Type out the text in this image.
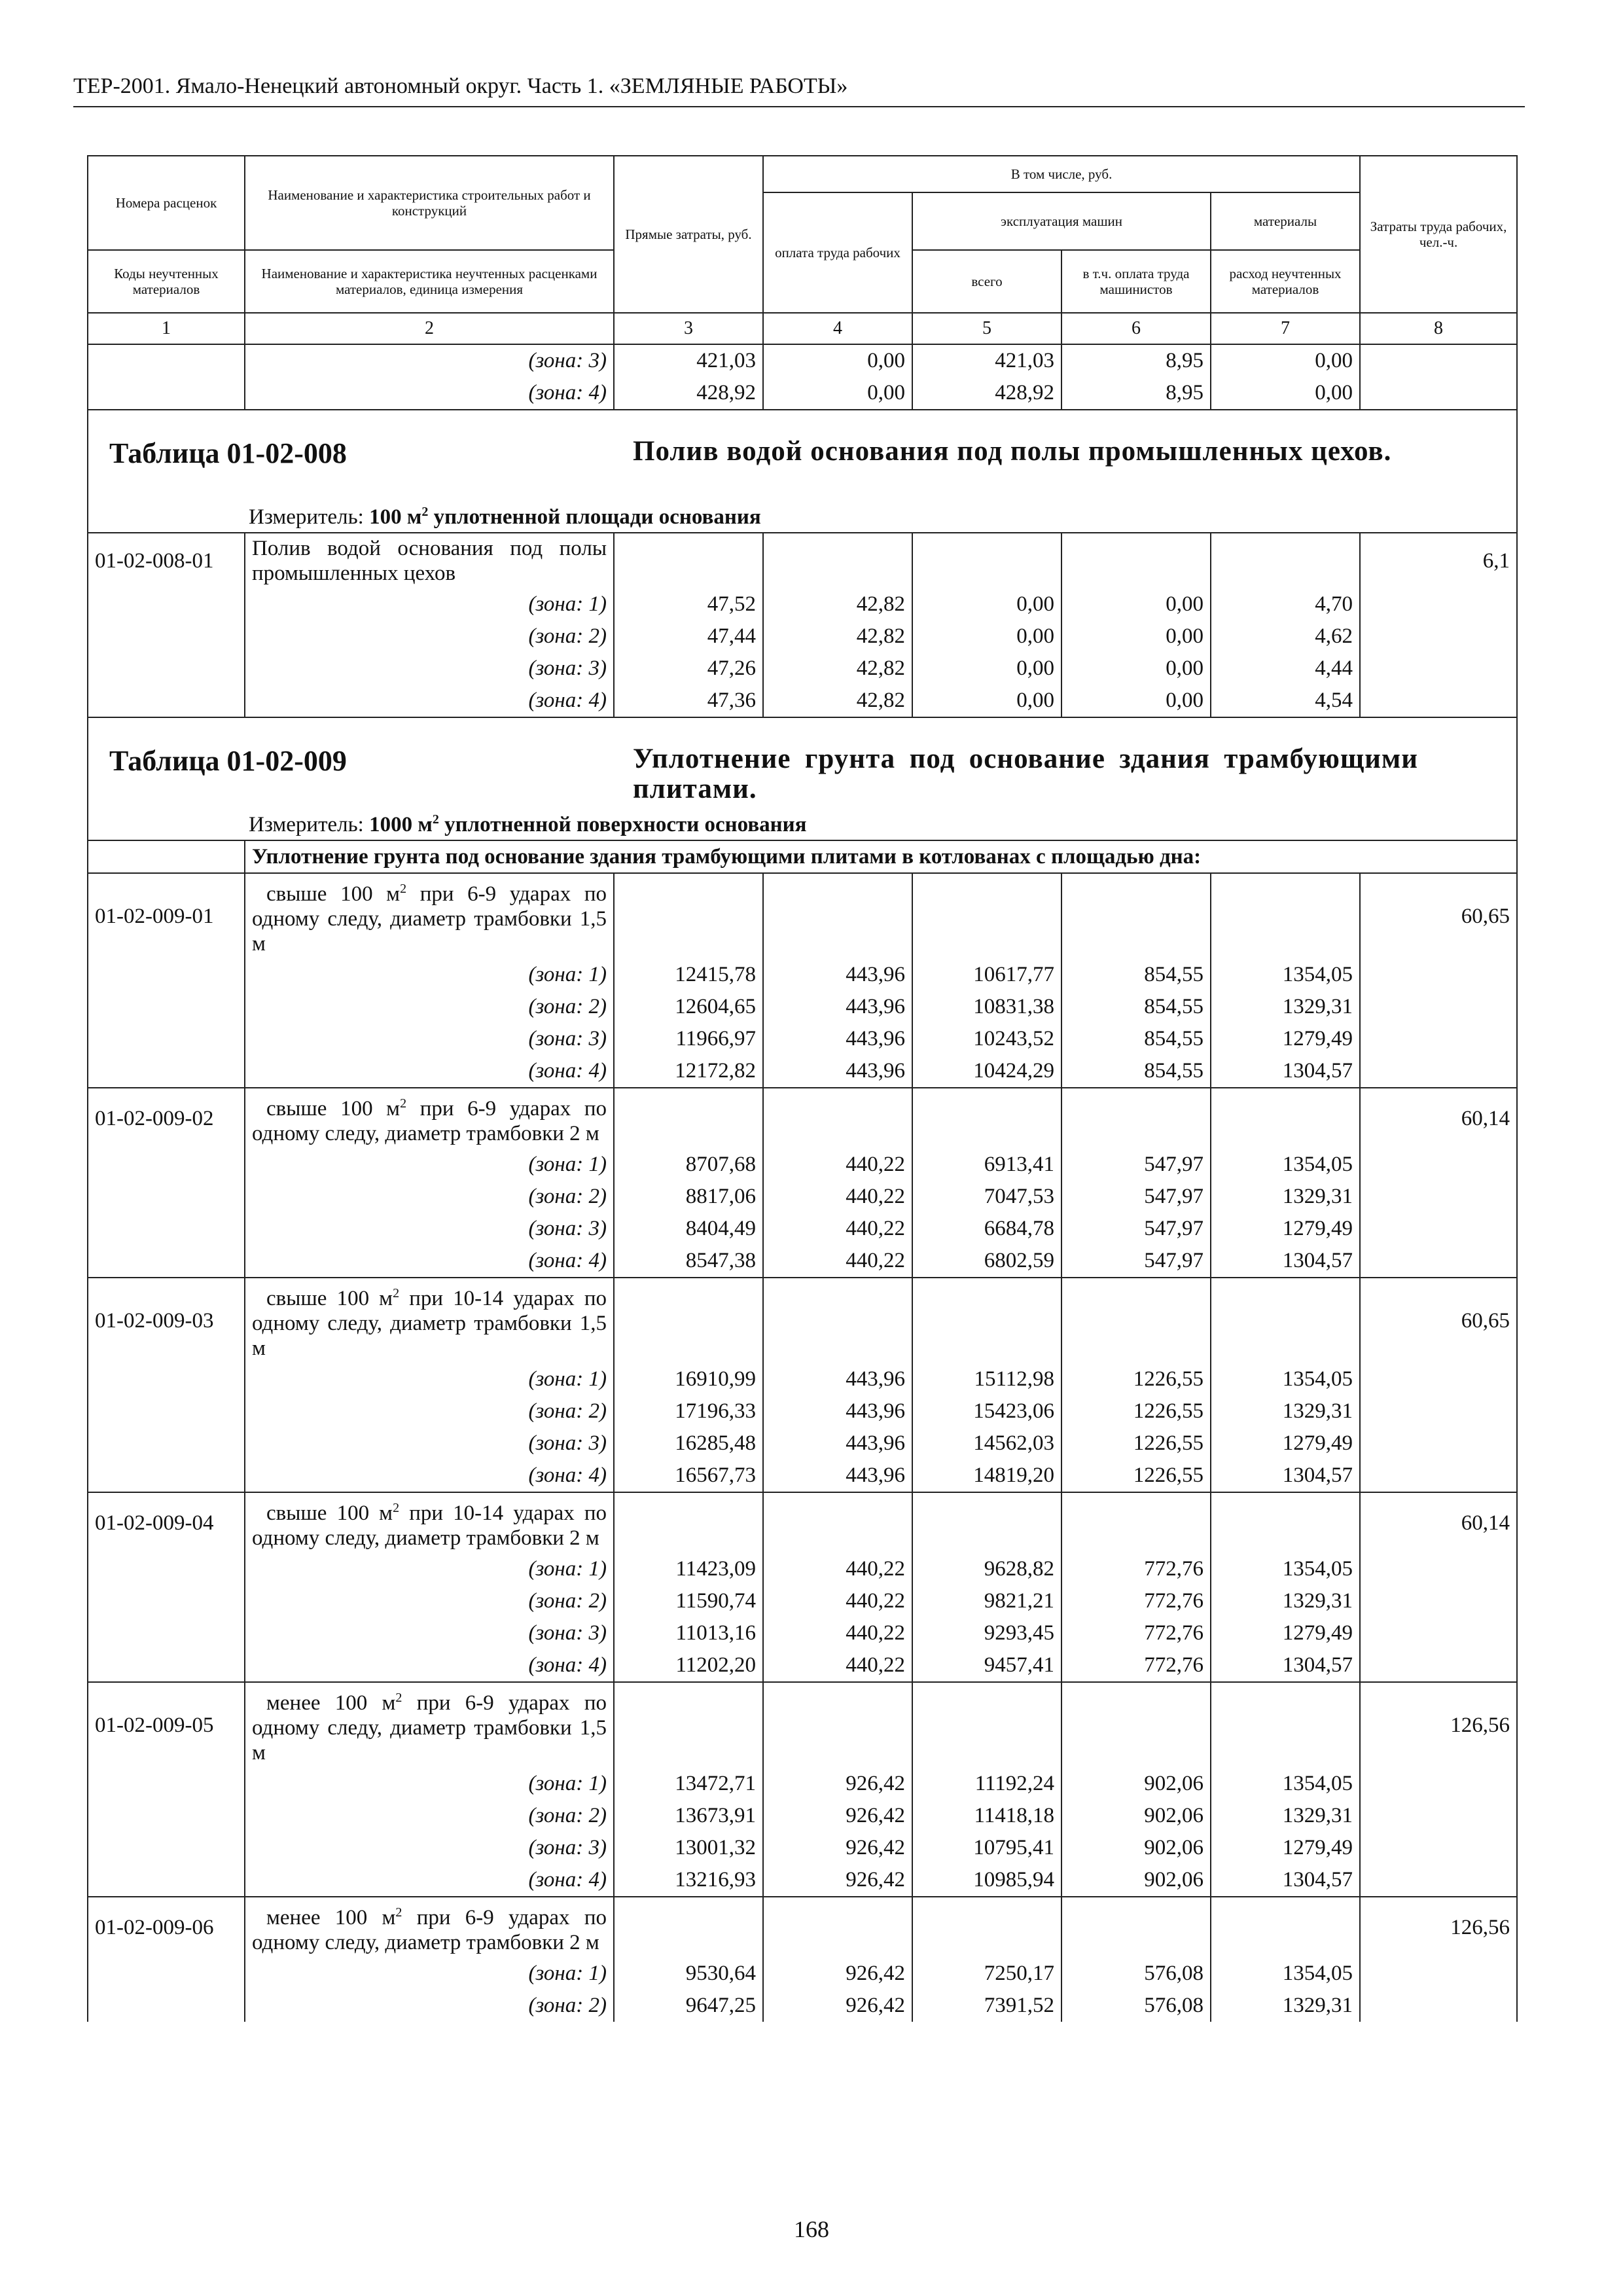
ТЕР-2001. Ямало-Ненецкий автономный округ. Часть 1. «ЗЕМЛЯНЫЕ РАБОТЫ»
Номера расценок	Наименование и характеристика строительных работ и конструкций	Прямые затраты, руб.	В том числе, руб.				Затраты труда рабочих, чел.-ч.
			оплата труда рабочих	эксплуатация машин		материалы	
Коды неучтенных материалов	Наименование и характеристика неучтенных расценками материалов, единица измерения			всего	в т.ч. оплата труда машинистов	расход неучтенных материалов	
1	2	3	4	5	6	7	8
	(зона: 3)	421,03	0,00	421,03	8,95	0,00	
	(зона: 4)	428,92	0,00	428,92	8,95	0,00	

Таблица 01-02-008 Полив водой основания под полы промышленных цехов.							

	Измеритель: 100 $м^2$ уплотненной площади основания						
01-02-008-01	Полив водой основания под полы промышленных цехов						6,1
	(зона: 1)	47,52	42,82	0,00	0,00	4,70	
	(зона: 2)	47,44	42,82	0,00	0,00	4,62	
	(зона: 3)	47,26	42,82	0,00	0,00	4,44	
	(зона: 4)	47,36	42,82	0,00	0,00	4,54	

Таблица 01-02-009 Уплотнение грунта под основание здания трамбующими плитами.							

	Измеритель: 1000 $м^2$ уплотненной поверхности основания						
	Уплотнение грунта под основание здания трамбующими плитами в котлованах с площадью дна:						
01-02-009-01	свыше 100 $м^2$ при 6-9 ударах по одному следу, диаметр трамбовки 1,5 м						60,65
	(зона: 1)	12415,78	443,96	10617,77	854,55	1354,05	
	(зона: 2)	12604,65	443,96	10831,38	854,55	1329,31	
	(зона: 3)	11966,97	443,96	10243,52	854,55	1279,49	
	(зона: 4)	12172,82	443,96	10424,29	854,55	1304,57	
01-02-009-02	свыше 100 $м^2$ при 6-9 ударах по одному следу, диаметр трамбовки 2 м						60,14
	(зона: 1)	8707,68	440,22	6913,41	547,97	1354,05	
	(зона: 2)	8817,06	440,22	7047,53	547,97	1329,31	
	(зона: 3)	8404,49	440,22	6684,78	547,97	1279,49	
	(зона: 4)	8547,38	440,22	6802,59	547,97	1304,57	
01-02-009-03	свыше 100 $м^2$ при 10-14 ударах по одному следу, диаметр трамбовки 1,5 м						60,65
	(зона: 1)	16910,99	443,96	15112,98	1226,55	1354,05	
	(зона: 2)	17196,33	443,96	15423,06	1226,55	1329,31	
	(зона: 3)	16285,48	443,96	14562,03	1226,55	1279,49	
	(зона: 4)	16567,73	443,96	14819,20	1226,55	1304,57	
01-02-009-04	свыше 100 $м^2$ при 10-14 ударах по одному следу, диаметр трамбовки 2 м						60,14
	(зона: 1)	11423,09	440,22	9628,82	772,76	1354,05	
	(зона: 2)	11590,74	440,22	9821,21	772,76	1329,31	
	(зона: 3)	11013,16	440,22	9293,45	772,76	1279,49	
	(зона: 4)	11202,20	440,22	9457,41	772,76	1304,57	
01-02-009-05	менее 100 $м^2$ при 6-9 ударах по одному следу, диаметр трамбовки 1,5 м						126,56
	(зона: 1)	13472,71	926,42	11192,24	902,06	1354,05	
	(зона: 2)	13673,91	926,42	11418,18	902,06	1329,31	
	(зона: 3)	13001,32	926,42	10795,41	902,06	1279,49	
	(зона: 4)	13216,93	926,42	10985,94	902,06	1304,57	
01-02-009-06	менее 100 $м^2$ при 6-9 ударах по одному следу, диаметр трамбовки 2 м						126,56
	(зона: 1)	9530,64	926,42	7250,17	576,08	1354,05	
	(зона: 2)	9647,25	926,42	7391,52	576,08	1329,31	
168
